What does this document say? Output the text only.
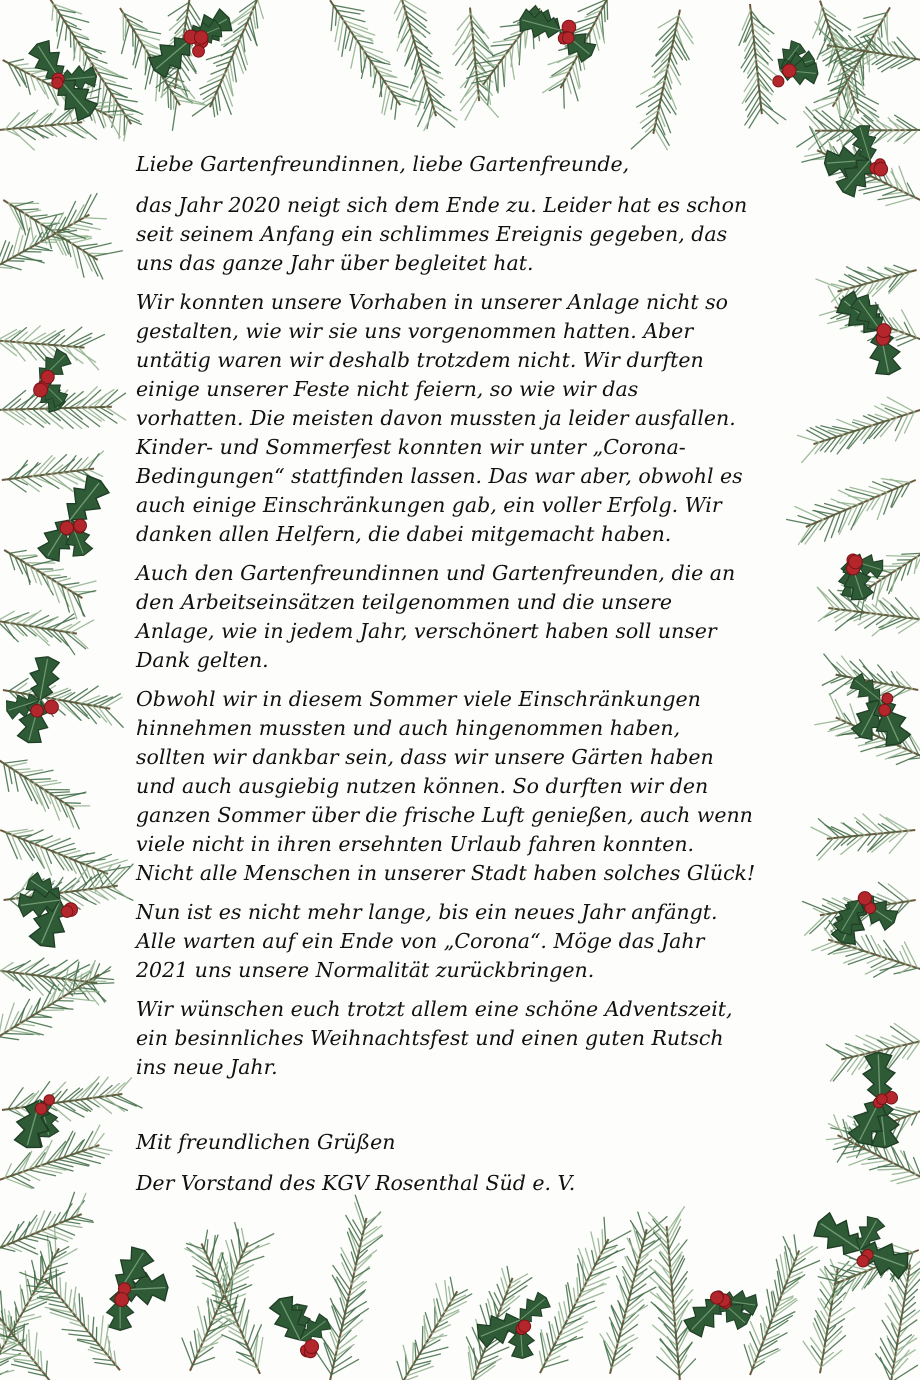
Liebe Gartenfreundinnen, liebe Gartenfreunde,

das Jahr 2020 neigt sich dem Ende zu. Leider hat es schon
seit seinem Anfang ein schlimmes Ereignis gegeben, das
uns das ganze Jahr über begleitet hat.

Wir konnten unsere Vorhaben in unserer Anlage nicht so
gestalten, wie wir sie uns vorgenommen hatten. Aber
untätig waren wir deshalb trotzdem nicht. Wir durften
einige unserer Feste nicht feiern, so wie wir das
vorhatten. Die meisten davon mussten ja leider ausfallen.
Kinder- und Sommerfest konnten wir unter „Corona-
Bedingungen“ stattfinden lassen. Das war aber, obwohl es
auch einige Einschränkungen gab, ein voller Erfolg. Wir
danken allen Helfern, die dabei mitgemacht haben.

Auch den Gartenfreundinnen und Gartenfreunden, die an
den Arbeitseinsätzen teilgenommen und die unsere
Anlage, wie in jedem Jahr, verschönert haben soll unser
Dank gelten.

Obwohl wir in diesem Sommer viele Einschränkungen
hinnehmen mussten und auch hingenommen haben,
sollten wir dankbar sein, dass wir unsere Gärten haben
und auch ausgiebig nutzen können. So durften wir den
ganzen Sommer über die frische Luft genießen, auch wenn
viele nicht in ihren ersehnten Urlaub fahren konnten.
Nicht alle Menschen in unserer Stadt haben solches Glück!

Nun ist es nicht mehr lange, bis ein neues Jahr anfängt.
Alle warten auf ein Ende von „Corona“. Möge das Jahr
2021 uns unsere Normalität zurückbringen.

Wir wünschen euch trotzt allem eine schöne Adventszeit,
ein besinnliches Weihnachtsfest und einen guten Rutsch
ins neue Jahr.

Mit freundlichen Grüßen

Der Vorstand des KGV Rosenthal Süd e. V.
